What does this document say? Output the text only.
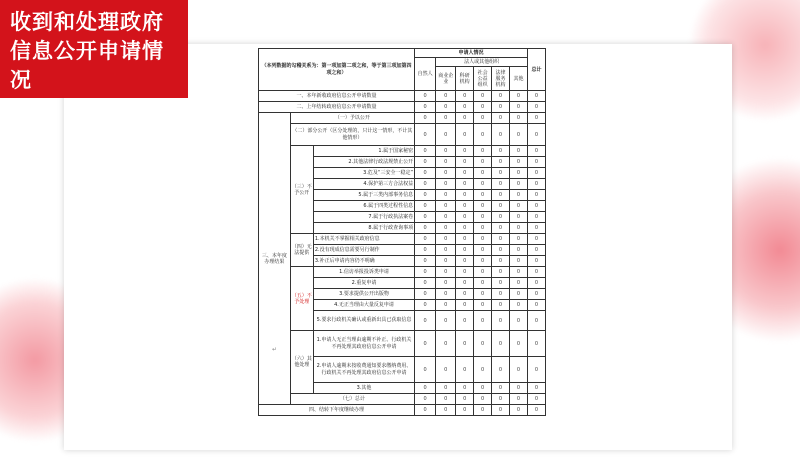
收到和处理政府信息公开申请情况
（本列数据的勾稽关系为：第一项加第二项之和，等于第三项加第四项之和）			申请人情况						总计
			自然人	法人或其他组织					
				商业企业	科研机构	社会公益组织	法律服务机构	其他	
一、本年新收政府信息公开申请数量			0	0	0	0	0	0	0
二、上年结转政府信息公开申请数量			0	0	0	0	0	0	0
三、本年度办理结果	（一）予以公开		0	0	0	0	0	0	0
	（二）部分公开（区分处理的，只计这一情形，不计其他情形）		0	0	0	0	0	0	0
	（三）不予公开	1.属于国家秘密	0	0	0	0	0	0	0
		2.其他法律行政法规禁止公开	0	0	0	0	0	0	0
		3.危及“三安全一稳定”	0	0	0	0	0	0	0
		4.保护第三方合法权益	0	0	0	0	0	0	0
		5.属于三类内部事务信息	0	0	0	0	0	0	0
		6.属于四类过程性信息	0	0	0	0	0	0	0
		7.属于行政执法案卷	0	0	0	0	0	0	0
		8.属于行政查询事项	0	0	0	0	0	0	0
	（四）无法提供	1.本机关不掌握相关政府信息	0	0	0	0	0	0	0
		2.没有现成信息需要另行制作	0	0	0	0	0	0	0
		3.补正后申请内容仍不明确	0	0	0	0	0	0	0
	（五）不予处理	1.信访举报投诉类申请	0	0	0	0	0	0	0
		2.重复申请	0	0	0	0	0	0	0
		3.要求提供公开出版物	0	0	0	0	0	0	0
		4.无正当理由大量反复申请	0	0	0	0	0	0	0
		5.要求行政机关确认或重新出具已获取信息	0	0	0	0	0	0	0
	（六）其他处理	1.申请人无正当理由逾期不补正、行政机关不再处理其政府信息公开申请	0	0	0	0	0	0	0
		2.申请人逾期未按收费通知要求缴纳费用、行政机关不再处理其政府信息公开申请	0	0	0	0	0	0	0
		3.其他	0	0	0	0	0	0	0
	（七）总计		0	0	0	0	0	0	0
四、结转下年度继续办理			0	0	0	0	0	0	0
↵
